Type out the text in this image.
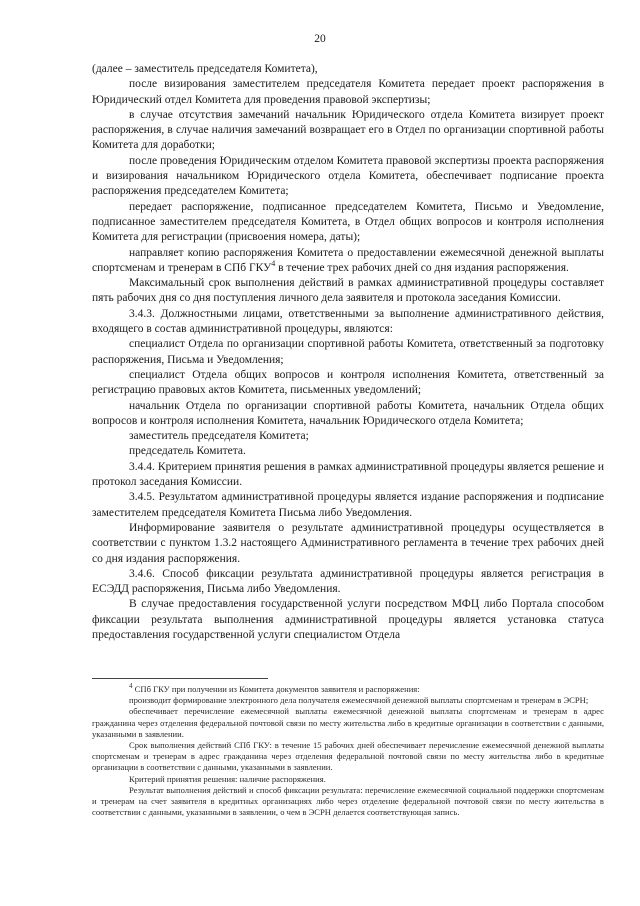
20

(далее – заместитель председателя Комитета),

после визирования заместителем председателя Комитета передает проект распоряжения в Юридический отдел Комитета для проведения правовой экспертизы;

в случае отсутствия замечаний начальник Юридического отдела Комитета визирует проект распоряжения, в случае наличия замечаний возвращает его в Отдел по организации спортивной работы Комитета для доработки;

после проведения Юридическим отделом Комитета правовой экспертизы проекта распоряжения и визирования начальником Юридического отдела Комитета, обеспечивает подписание проекта распоряжения председателем Комитета;

передает распоряжение, подписанное председателем Комитета, Письмо и Уведомление, подписанное заместителем председателя Комитета, в Отдел общих вопросов и контроля исполнения Комитета для регистрации (присвоения номера, даты);

направляет копию распоряжения Комитета о предоставлении ежемесячной денежной выплаты спортсменам и тренерам в СПб ГКУ$^4$ в течение трех рабочих дней со дня издания распоряжения.

Максимальный срок выполнения действий в рамках административной процедуры составляет пять рабочих дня со дня поступления личного дела заявителя и протокола заседания Комиссии.

3.4.3. Должностными лицами, ответственными за выполнение административного действия, входящего в состав административной процедуры, являются:

специалист Отдела по организации спортивной работы Комитета, ответственный за подготовку распоряжения, Письма и Уведомления;

специалист Отдела общих вопросов и контроля исполнения Комитета, ответственный за регистрацию правовых актов Комитета, письменных уведомлений;

начальник Отдела по организации спортивной работы Комитета, начальник Отдела общих вопросов и контроля исполнения Комитета, начальник Юридического отдела Комитета;

заместитель председателя Комитета;

председатель Комитета.

3.4.4. Критерием принятия решения в рамках административной процедуры является решение и протокол заседания Комиссии.

3.4.5. Результатом административной процедуры является издание распоряжения и подписание заместителем председателя Комитета Письма либо Уведомления.

Информирование заявителя о результате административной процедуры осуществляется в соответствии с пунктом 1.3.2 настоящего Административного регламента в течение трех рабочих дней со дня издания распоряжения.

3.4.6. Способ фиксации результата административной процедуры является регистрация в ЕСЭДД распоряжения, Письма либо Уведомления.

В случае предоставления государственной услуги посредством МФЦ либо Портала способом фиксации результата выполнения административной процедуры является установка статуса предоставления государственной услуги специалистом Отдела

$^4$ СПб ГКУ при получении из Комитета документов заявителя и распоряжения:

производит формирование электронного дела получателя ежемесячной денежной выплаты спортсменам и тренерам в ЭСРН;

обеспечивает перечисление ежемесячной выплаты ежемесячной денежной выплаты спортсменам и тренерам в адрес гражданина через отделения федеральной почтовой связи по месту жительства либо в кредитные организации в соответствии с данными, указанными в заявлении.

Срок выполнения действий СПб ГКУ: в течение 15 рабочих дней обеспечивает перечисление ежемесячной денежной выплаты спортсменам и тренерам в адрес гражданина через отделения федеральной почтовой связи по месту жительства либо в кредитные организации в соответствии с данными, указанными в заявлении.

Критерий принятия решения: наличие распоряжения.

Результат выполнения действий и способ фиксации результата: перечисление ежемесячной социальной поддержки спортсменам и тренерам на счет заявителя в кредитных организациях либо через отделение федеральной почтовой связи по месту жительства в соответствии с данными, указанными в заявлении, о чем в ЭСРН делается соответствующая запись.
